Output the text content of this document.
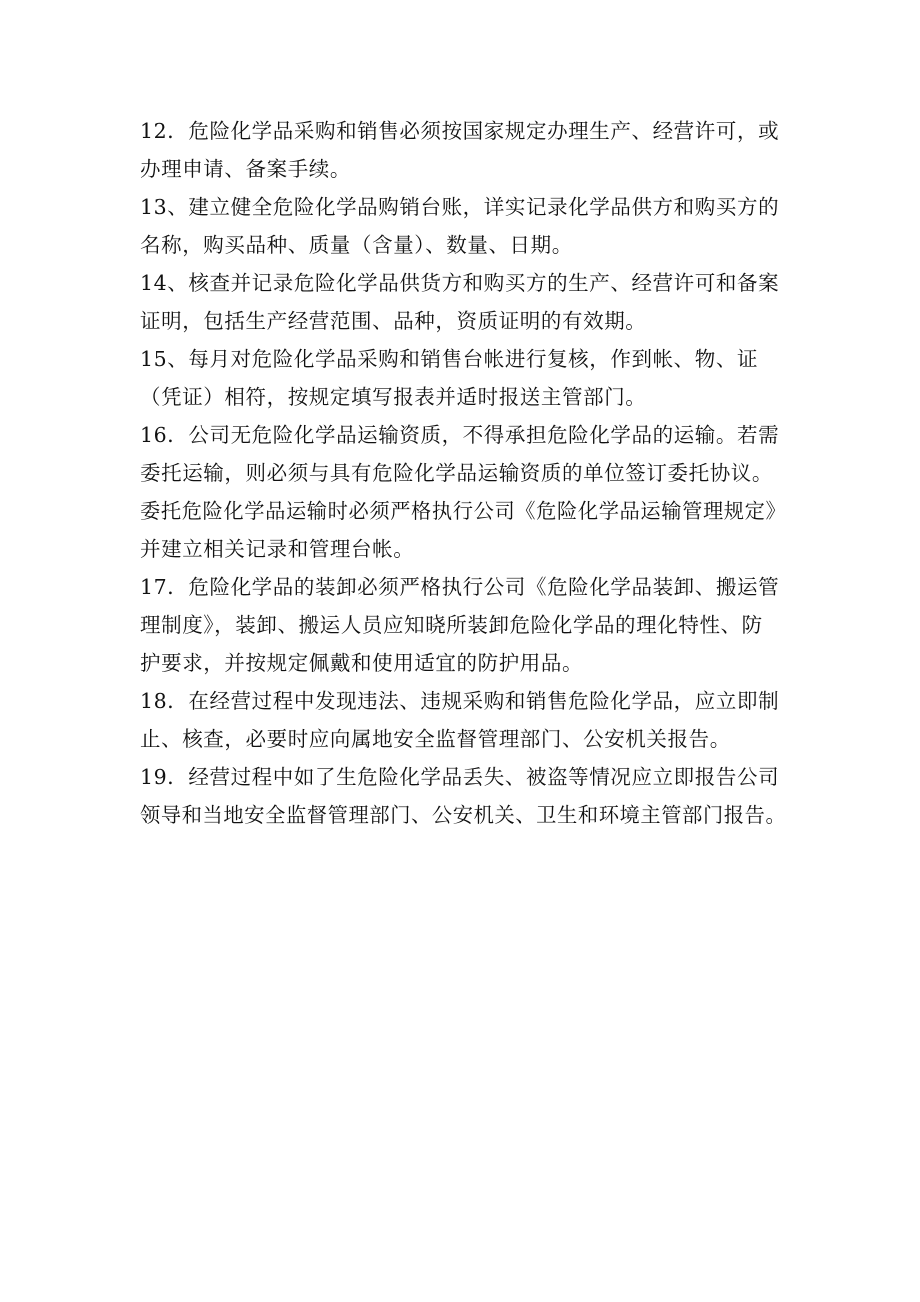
12．危险化学品采购和销售必须按国家规定办理生产、经营许可，或
办理申请、备案手续。

13、建立健全危险化学品购销台账，详实记录化学品供方和购买方的
名称，购买品种、质量（含量）、数量、日期。

14、核查并记录危险化学品供货方和购买方的生产、经营许可和备案
证明，包括生产经营范围、品种，资质证明的有效期。

15、每月对危险化学品采购和销售台帐进行复核，作到帐、物、证
（凭证）相符，按规定填写报表并适时报送主管部门。

16．公司无危险化学品运输资质，不得承担危险化学品的运输。若需
委托运输，则必须与具有危险化学品运输资质的单位签订委托协议。
委托危险化学品运输时必须严格执行公司《危险化学品运输管理规定》
并建立相关记录和管理台帐。

17．危险化学品的装卸必须严格执行公司《危险化学品装卸、搬运管
理制度》，装卸、搬运人员应知晓所装卸危险化学品的理化特性、防
护要求，并按规定佩戴和使用适宜的防护用品。

18．在经营过程中发现违法、违规采购和销售危险化学品，应立即制
止、核查，必要时应向属地安全监督管理部门、公安机关报告。

19．经营过程中如了生危险化学品丢失、被盗等情况应立即报告公司
领导和当地安全监督管理部门、公安机关、卫生和环境主管部门报告。
